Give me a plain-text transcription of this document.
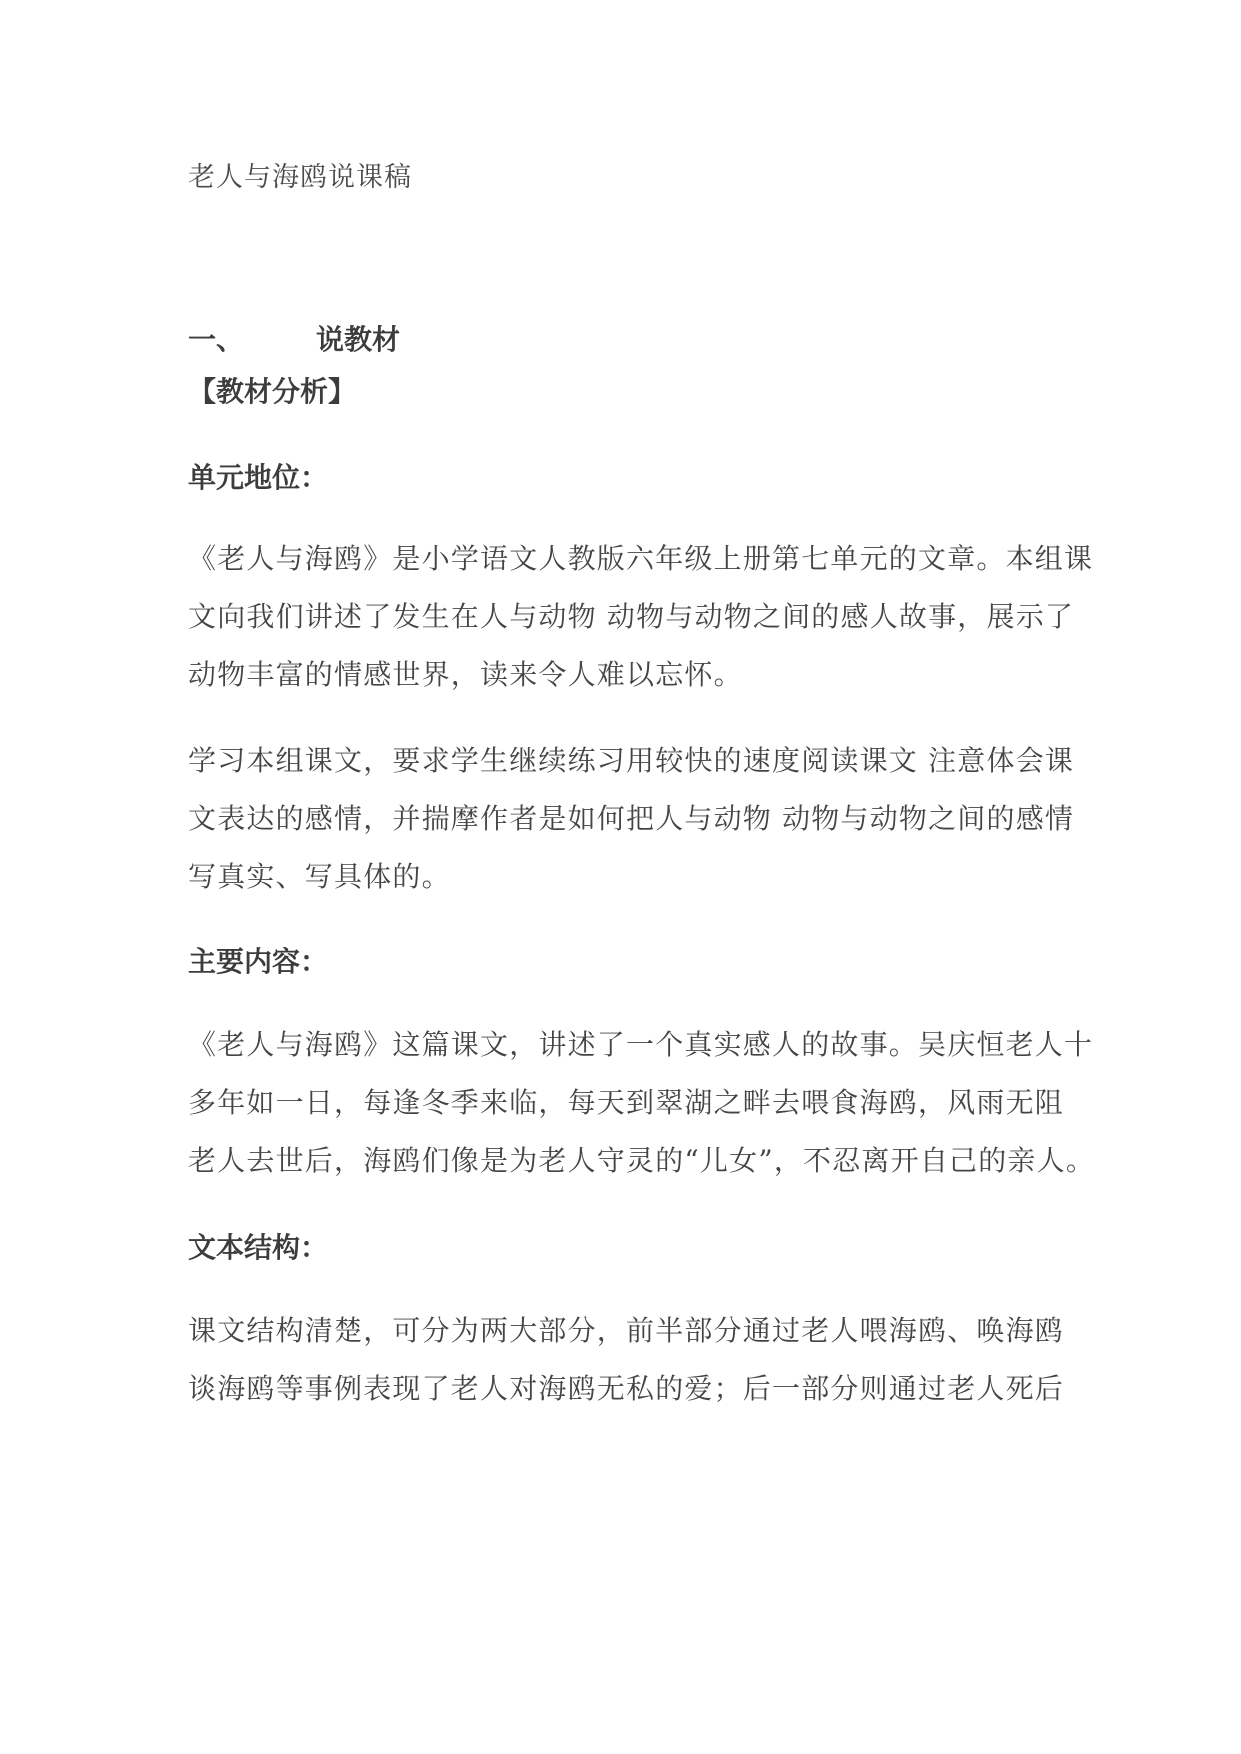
老人与海鸥说课稿
一、	说教材
【教材分析】
单元地位：
《老人与海鸥》是小学语文人教版六年级上册第七单元的文章。本组课
文向我们讲述了发生在人与动物 动物与动物之间的感人故事，展示了
动物丰富的情感世界，读来令人难以忘怀。
学习本组课文，要求学生继续练习用较快的速度阅读课文 注意体会课
文表达的感情，并揣摩作者是如何把人与动物 动物与动物之间的感情
写真实、写具体的。
主要内容：
《老人与海鸥》这篇课文，讲述了一个真实感人的故事。吴庆恒老人十
多年如一日，每逢冬季来临，每天到翠湖之畔去喂食海鸥，风雨无阻
老人去世后，海鸥们像是为老人守灵的“儿女”，不忍离开自己的亲人。
文本结构：
课文结构清楚，可分为两大部分，前半部分通过老人喂海鸥、唤海鸥
谈海鸥等事例表现了老人对海鸥无私的爱；后一部分则通过老人死后
